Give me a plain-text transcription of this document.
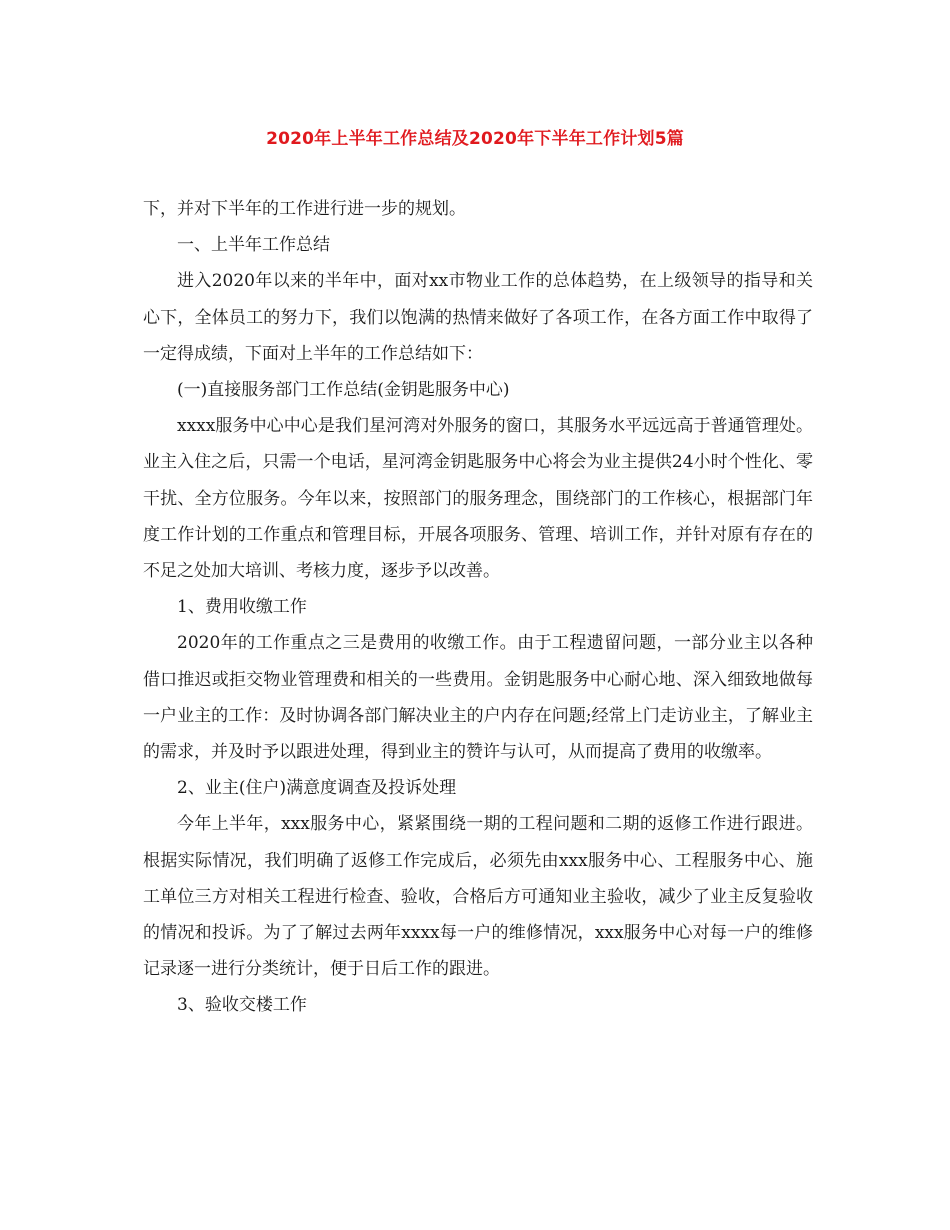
2020年上半年工作总结及2020年下半年工作计划5篇

下，并对下半年的工作进行进一步的规划。

一、上半年工作总结

进入2020年以来的半年中，面对xx市物业工作的总体趋势，在上级领导的指导和关心下，全体员工的努力下，我们以饱满的热情来做好了各项工作，在各方面工作中取得了一定得成绩，下面对上半年的工作总结如下：

(一)直接服务部门工作总结(金钥匙服务中心)

xxxx服务中心中心是我们星河湾对外服务的窗口，其服务水平远远高于普通管理处。业主入住之后，只需一个电话，星河湾金钥匙服务中心将会为业主提供24小时个性化、零干扰、全方位服务。今年以来，按照部门的服务理念，围绕部门的工作核心，根据部门年度工作计划的工作重点和管理目标，开展各项服务、管理、培训工作，并针对原有存在的不足之处加大培训、考核力度，逐步予以改善。

1、费用收缴工作

2020年的工作重点之三是费用的收缴工作。由于工程遗留问题，一部分业主以各种借口推迟或拒交物业管理费和相关的一些费用。金钥匙服务中心耐心地、深入细致地做每一户业主的工作：及时协调各部门解决业主的户内存在问题;经常上门走访业主，了解业主的需求，并及时予以跟进处理，得到业主的赞许与认可，从而提高了费用的收缴率。

2、业主(住户)满意度调查及投诉处理

今年上半年，xxx服务中心，紧紧围绕一期的工程问题和二期的返修工作进行跟进。根据实际情况，我们明确了返修工作完成后，必须先由xxx服务中心、工程服务中心、施工单位三方对相关工程进行检查、验收，合格后方可通知业主验收，减少了业主反复验收的情况和投诉。为了了解过去两年xxxx每一户的维修情况，xxx服务中心对每一户的维修记录逐一进行分类统计，便于日后工作的跟进。

3、验收交楼工作
